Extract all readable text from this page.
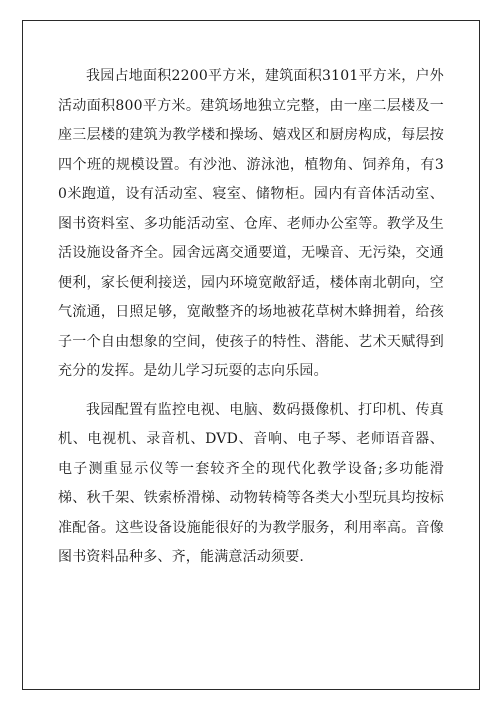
我园占地面积2200平方米，建筑面积3101平方米，户外活动面积800平方米。建筑场地独立完整，由一座二层楼及一座三层楼的建筑为教学楼和操场、嬉戏区和厨房构成，每层按四个班的规模设置。有沙池、游泳池，植物角、饲养角，有30米跑道，设有活动室、寝室、储物柜。园内有音体活动室、图书资料室、多功能活动室、仓库、老师办公室等。教学及生活设施设备齐全。园舍远离交通要道，无噪音、无污染，交通便利，家长便利接送，园内环境宽敞舒适，楼体南北朝向，空气流通，日照足够，宽敞整齐的场地被花草树木蜂拥着，给孩子一个自由想象的空间，使孩子的特性、潜能、艺术天赋得到充分的发挥。是幼儿学习玩耍的志向乐园。

我园配置有监控电视、电脑、数码摄像机、打印机、传真机、电视机、录音机、DVD、音响、电子琴、老师语音器、电子测重显示仪等一套较齐全的现代化教学设备;多功能滑梯、秋千架、铁索桥滑梯、动物转椅等各类大小型玩具均按标准配备。这些设备设施能很好的为教学服务，利用率高。音像图书资料品种多、齐，能满意活动须要.
